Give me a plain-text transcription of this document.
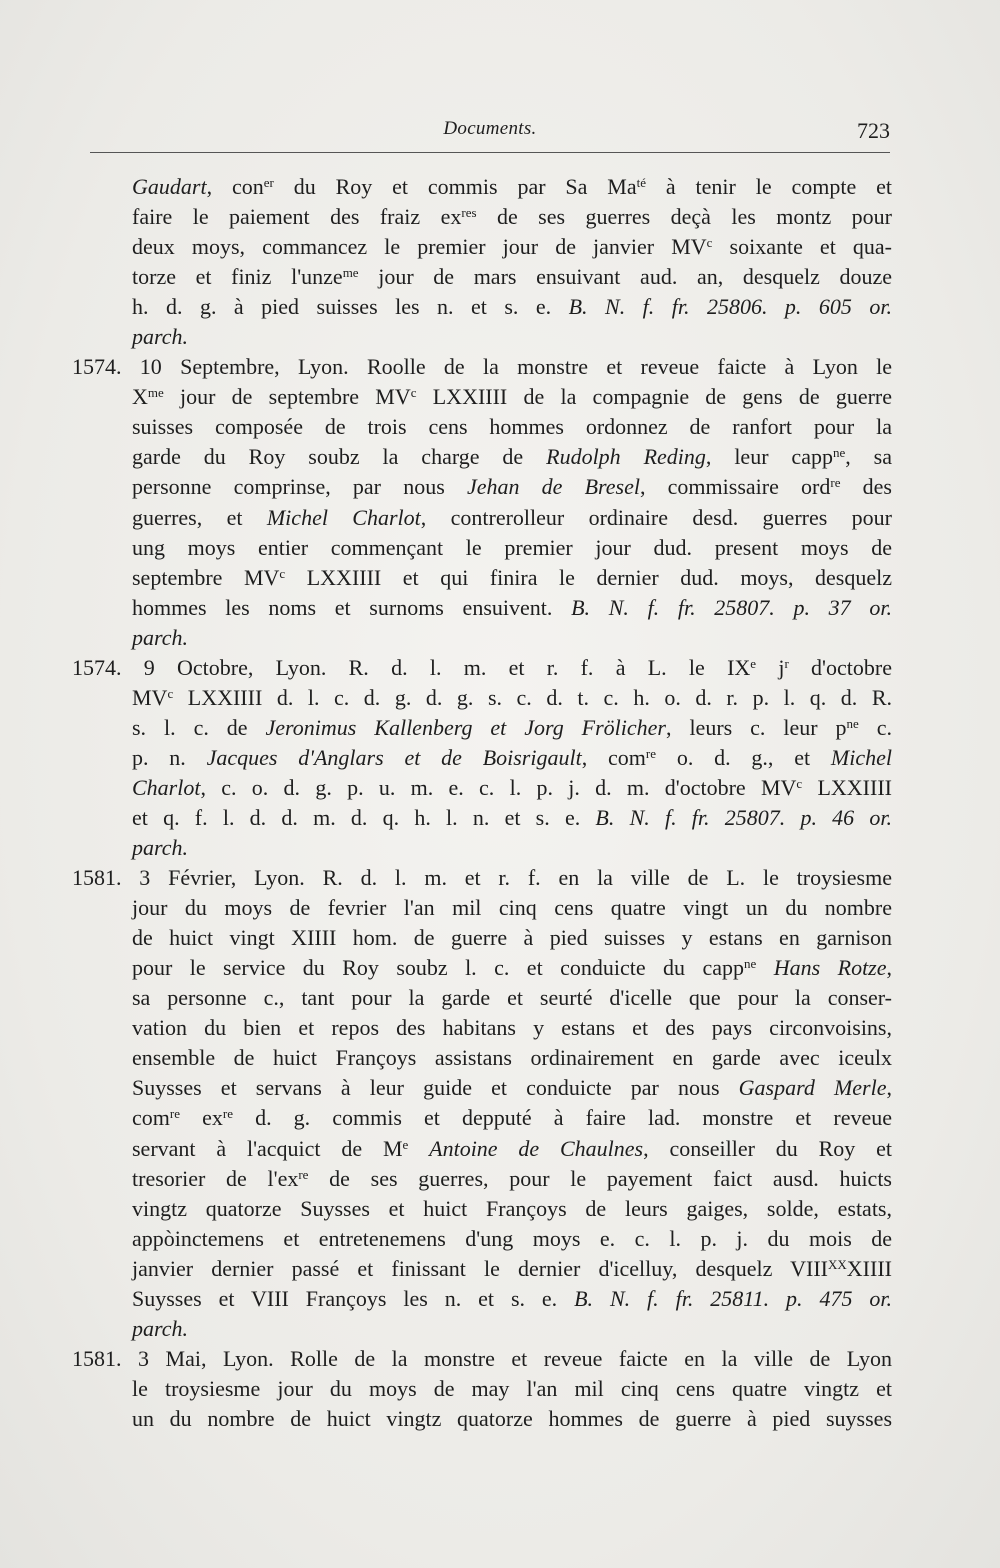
Documents.	723
Gaudart, con$^{er}$ du Roy et commis par Sa $Ma^{té}$ à tenir le compte et
faire le paiement des fraiz $ex^{res}$ de ses guerres deçà les montz pour
deux moys, commancez le premier jour de janvier $MV^c$ soixante et qua-
torze et finiz l'unze$^{me}$ jour de mars ensuivant aud. an, desquelz douze
h. d. g. à pied suisses les n. et s. e. B. N. f. fr. 25806. p. 605 or.
parch.
1574. 10 Septembre, Lyon. Roolle de la monstre et reveue faicte à Lyon le
$X^{me}$ jour de septembre $MV^c$ LXXIIII de la compagnie de gens de guerre
suisses composée de trois cens hommes ordonnez de ranfort pour la
garde du Roy soubz la charge de Rudolph Reding, leur capp$^{ne}$, sa
personne comprinse, par nous Jehan de Bresel, commissaire ord$^{re}$ des
guerres, et Michel Charlot, contrerolleur ordinaire desd. guerres pour
ung moys entier commençant le premier jour dud. present moys de
septembre $MV^c$ LXXIIII et qui finira le dernier dud. moys, desquelz
hommes les noms et surnoms ensuivent. B. N. f. fr. 25807. p. 37 or.
parch.
1574. 9 Octobre, Lyon. R. d. l. m. et r. f. à L. le IXe $j^r$ d'octobre
$MV^c$ LXXIIII d. l. c. d. g. d. g. s. c. d. t. c. h. o. d. r. p. l. q. d. R.
s. l. c. de Jeronimus Kallenberg et Jorg Frölicher, leurs c. leur $p^{ne}$ c.
p. n. Jacques d'Anglars et de Boisrigault, com$^{re}$ o. d. g., et Michel
Charlot, c. o. d. g. p. u. m. e. c. l. p. j. d. m. d'octobre $MV^c$ LXXIIII
et q. f. l. d. d. m. d. q. h. l. n. et s. e. B. N. f. fr. 25807. p. 46 or.
parch.
1581. 3 Février, Lyon. R. d. l. m. et r. f. en la ville de L. le troysiesme
jour du moys de fevrier l'an mil cinq cens quatre vingt un du nombre
de huict vingt XIIII hom. de guerre à pied suisses y estans en garnison
pour le service du Roy soubz l. c. et conduicte du capp$^{ne}$ Hans Rotze,
sa personne c., tant pour la garde et seurté d'icelle que pour la conser-
vation du bien et repos des habitans y estans et des pays circonvoisins,
ensemble de huict Françoys assistans ordinairement en garde avec iceulx
Suysses et servans à leur guide et conduicte par nous Gaspard Merle,
com$^{re}$ $ex^{re}$ d. g. commis et depputé à faire lad. monstre et reveue
servant à l'acquict de Me Antoine de Chaulnes, conseiller du Roy et
tresorier de $l'ex^{re}$ de ses guerres, pour le payement faict ausd. huicts
vingtz quatorze Suysses et huict Françoys de leurs gaiges, solde, estats,
appòinctemens et entretenemens d'ung moys e. c. l. p. j. du mois de
janvier dernier passé et finissant le dernier d'icelluy, desquelz $VIII^{XX}XIIII$
Suysses et VIII Françoys les n. et s. e. B. N. f. fr. 25811. p. 475 or.
parch.
1581. 3 Mai, Lyon. Rolle de la monstre et reveue faicte en la ville de Lyon
le troysiesme jour du moys de may l'an mil cinq cens quatre vingtz et
un du nombre de huict vingtz quatorze hommes de guerre à pied suysses
